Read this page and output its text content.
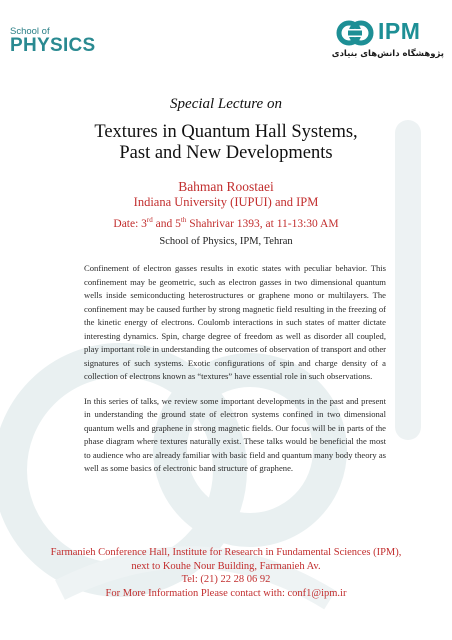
School of
PHYSICS
IPM
پژوهشگاه دانش‌های بنیادی

Special Lecture on

Textures in Quantum Hall Systems,
Past and New Developments

Bahman Roostaei

Indiana University (IUPUI) and IPM

Date: 3rd and 5th Shahrivar 1393, at 11-13:30 AM

School of Physics, IPM, Tehran

Confinement of electron gasses results in exotic states with peculiar behavior. This confinement may be geometric, such as electron gasses in two dimensional quantum wells inside semiconducting heterostructures or graphene mono or multilayers. The confinement may be caused further by strong magnetic field resulting in the freezing of the kinetic energy of electrons. Coulomb interactions in such states of matter dictate interesting dynamics. Spin, charge degree of freedom as well as disorder all coupled, play important role in understanding the outcomes of observation of transport and other signatures of such systems. Exotic configurations of spin and charge density of a collection of electrons known as “textures” have essential role in such observations.

In this series of talks, we review some important developments in the past and present in understanding the ground state of electron systems confined in two dimensional quantum wells and graphene in strong magnetic fields. Our focus will be in parts of the phase diagram where textures naturally exist. These talks would be beneficial the most to audience who are already familiar with basic field and quantum many body theory as well as some basics of electronic band structure of graphene.

Farmanieh Conference Hall, Institute for Research in Fundamental Sciences (IPM),
next to Kouhe Nour Building, Farmanieh Av.
Tel: (21) 22 28 06 92
For More Information Please contact with: conf1@ipm.ir
